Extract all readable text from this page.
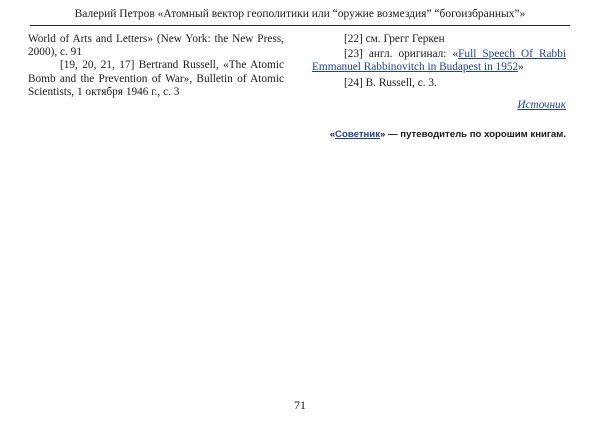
Валерий Петров «Атомный вектор геополитики или “оружие возмездия” “богоизбранных”»

World of Arts and Letters» (New York: the New Press, 2000), с. 91

[19, 20, 21, 17] Bertrand Russell, «The Atomic Bomb and the Prevention of War», Bulletin of Atomic Scientists, 1 октября 1946 г., с. 3

[22] см. Грегг Геркен

[23] англ. оригинал: «Full Speech Of Rabbi Emmanuel Rabbinovitch in Budapest in 1952»

[24] B. Russell, с. 3.

Источник

«Советник» — путеводитель по хорошим книгам.

71
